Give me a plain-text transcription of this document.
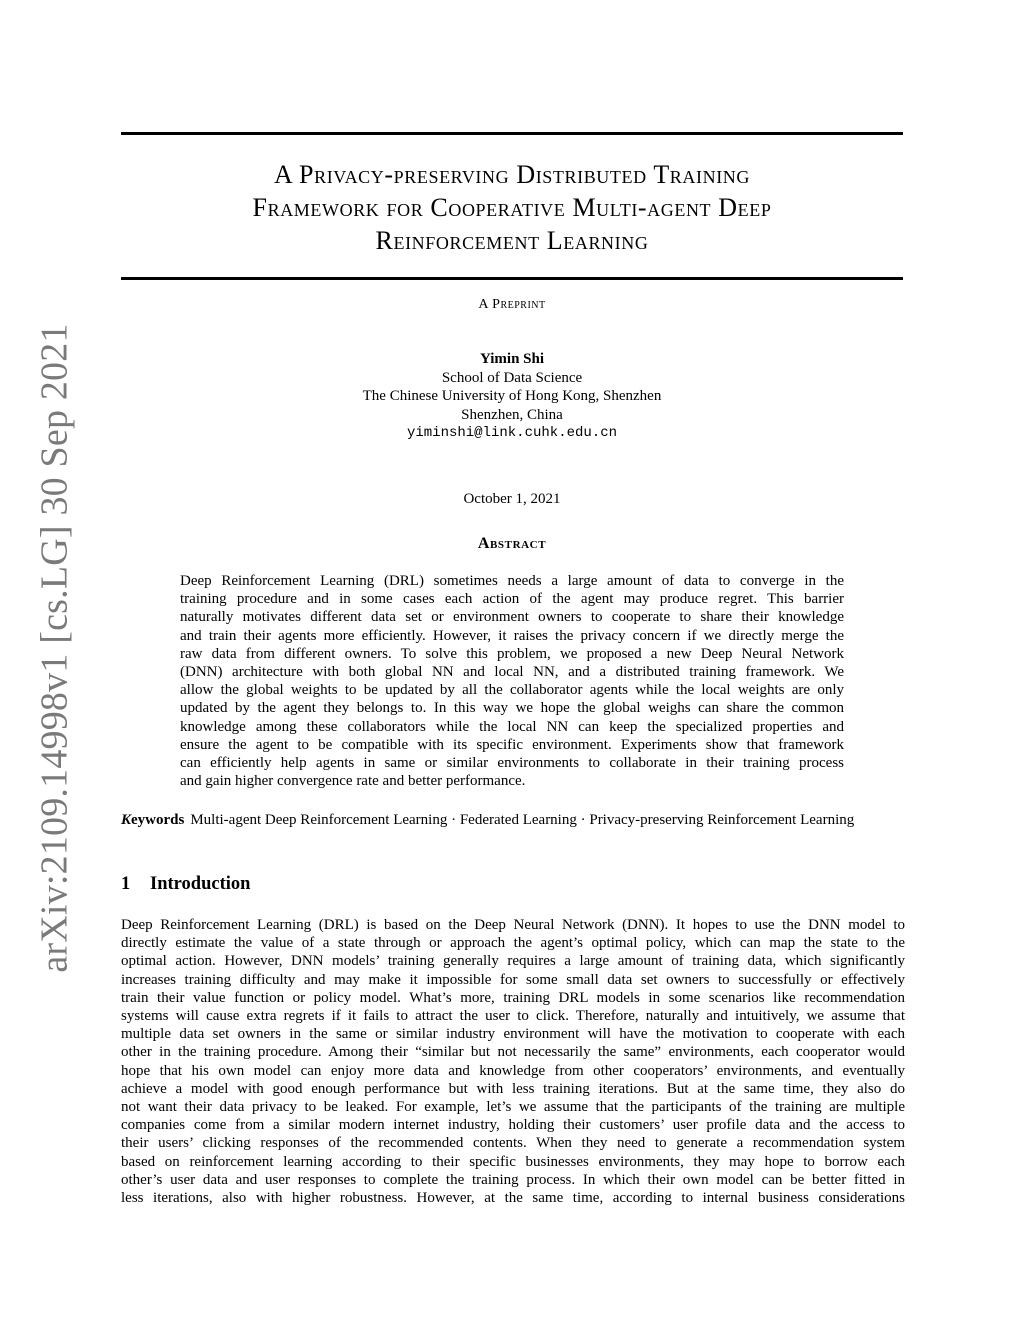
arXiv:2109.14998v1 [cs.LG] 30 Sep 2021
A Privacy-preserving Distributed Training
Framework for Cooperative Multi-agent Deep
Reinforcement Learning
A Preprint
Yimin Shi
School of Data Science
The Chinese University of Hong Kong, Shenzhen
Shenzhen, China
yiminshi@link.cuhk.edu.cn
October 1, 2021
Abstract
Deep Reinforcement Learning (DRL) sometimes needs a large amount of data to converge in the
training procedure and in some cases each action of the agent may produce regret. This barrier
naturally motivates different data set or environment owners to cooperate to share their knowledge
and train their agents more efficiently. However, it raises the privacy concern if we directly merge the
raw data from different owners. To solve this problem, we proposed a new Deep Neural Network
(DNN) architecture with both global NN and local NN, and a distributed training framework. We
allow the global weights to be updated by all the collaborator agents while the local weights are only
updated by the agent they belongs to. In this way we hope the global weighs can share the common
knowledge among these collaborators while the local NN can keep the specialized properties and
ensure the agent to be compatible with its specific environment. Experiments show that framework
can efficiently help agents in same or similar environments to collaborate in their training process
and gain higher convergence rate and better performance.
Keywords Multi-agent Deep Reinforcement Learning · Federated Learning · Privacy-preserving Reinforcement Learning
1 Introduction
Deep Reinforcement Learning (DRL) is based on the Deep Neural Network (DNN). It hopes to use the DNN model to
directly estimate the value of a state through or approach the agent’s optimal policy, which can map the state to the
optimal action. However, DNN models’ training generally requires a large amount of training data, which significantly
increases training difficulty and may make it impossible for some small data set owners to successfully or effectively
train their value function or policy model. What’s more, training DRL models in some scenarios like recommendation
systems will cause extra regrets if it fails to attract the user to click. Therefore, naturally and intuitively, we assume that
multiple data set owners in the same or similar industry environment will have the motivation to cooperate with each
other in the training procedure. Among their “similar but not necessarily the same” environments, each cooperator would
hope that his own model can enjoy more data and knowledge from other cooperators’ environments, and eventually
achieve a model with good enough performance but with less training iterations. But at the same time, they also do
not want their data privacy to be leaked. For example, let’s we assume that the participants of the training are multiple
companies come from a similar modern internet industry, holding their customers’ user profile data and the access to
their users’ clicking responses of the recommended contents. When they need to generate a recommendation system
based on reinforcement learning according to their specific businesses environments, they may hope to borrow each
other’s user data and user responses to complete the training process. In which their own model can be better fitted in
less iterations, also with higher robustness. However, at the same time, according to internal business considerations
